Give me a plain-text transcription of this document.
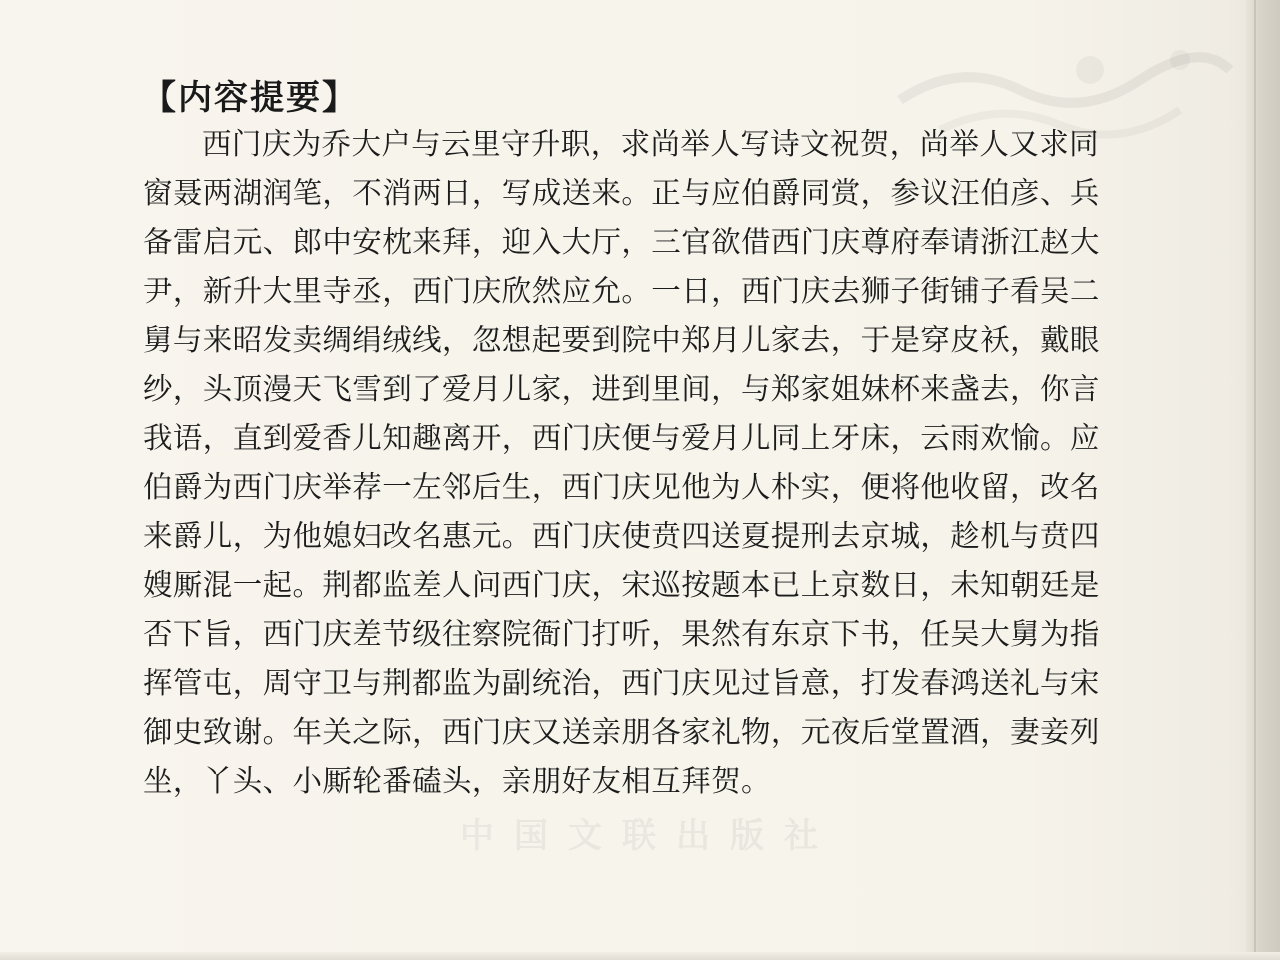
【内容提要】
西门庆为乔大户与云里守升职，求尚举人写诗文祝贺，尚举人又求同
窗聂两湖润笔，不消两日，写成送来。正与应伯爵同赏，参议汪伯彦、兵
备雷启元、郎中安枕来拜，迎入大厅，三官欲借西门庆尊府奉请浙江赵大
尹，新升大里寺丞，西门庆欣然应允。一日，西门庆去狮子街铺子看吴二
舅与来昭发卖绸绢绒线，忽想起要到院中郑月儿家去，于是穿皮袄，戴眼
纱，头顶漫天飞雪到了爱月儿家，进到里间，与郑家姐妹杯来盏去，你言
我语，直到爱香儿知趣离开，西门庆便与爱月儿同上牙床，云雨欢愉。应
伯爵为西门庆举荐一左邻后生，西门庆见他为人朴实，便将他收留，改名
来爵儿，为他媳妇改名惠元。西门庆使贲四送夏提刑去京城，趁机与贲四
嫂厮混一起。荆都监差人问西门庆，宋巡按题本已上京数日，未知朝廷是
否下旨，西门庆差节级往察院衙门打听，果然有东京下书，任吴大舅为指
挥管屯，周守卫与荆都监为副统治，西门庆见过旨意，打发春鸿送礼与宋
御史致谢。年关之际，西门庆又送亲朋各家礼物，元夜后堂置酒，妻妾列
坐，丫头、小厮轮番磕头，亲朋好友相互拜贺。
